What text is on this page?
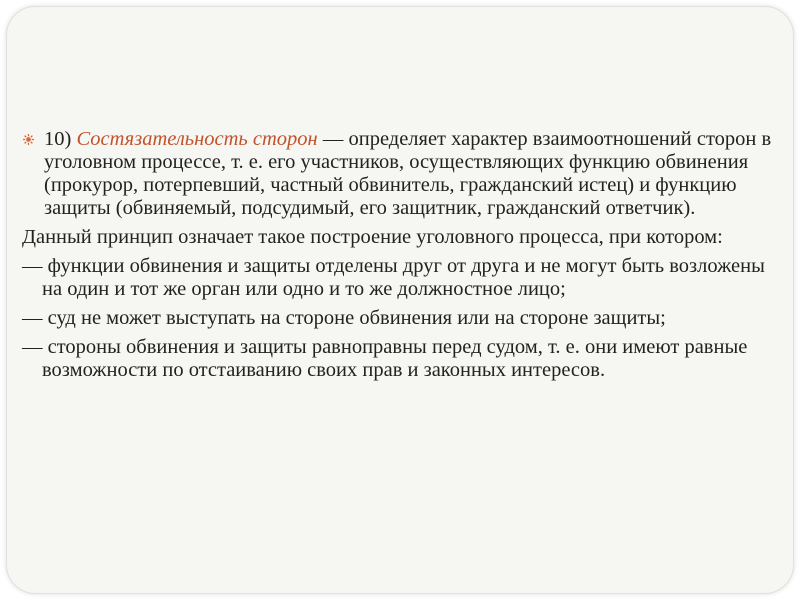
10) Состязательность сторон — определяет характер взаимоотношений сторон в уголовном процессе, т. е. его участников, осуществляющих функцию обвинения (прокурор, потерпевший, частный обвинитель, гражданский истец) и функцию защиты (обвиняемый, подсудимый, его защитник, гражданский ответчик).
Данный принцип означает такое построение уголовного процесса, при котором:
— функции обвинения и защиты отделены друг от друга и не могут быть возложены на один и тот же орган или одно и то же должностное лицо;
— суд не может выступать на стороне обвинения или на стороне защиты;
— стороны обвинения и защиты равноправны перед судом, т. е. они имеют равные возможности по отстаиванию своих прав и законных интересов.
